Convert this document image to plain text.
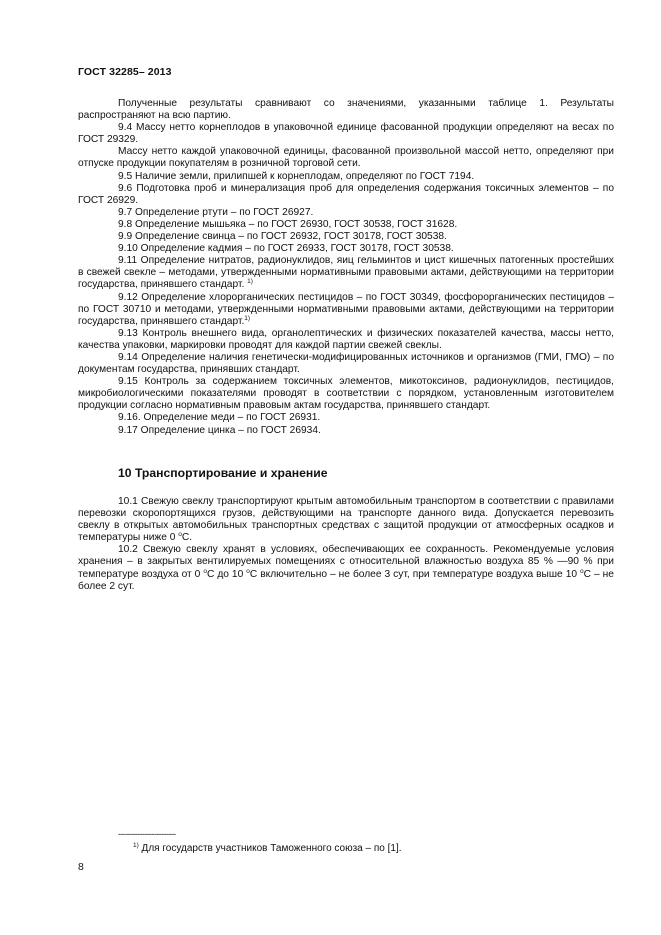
ГОСТ 32285– 2013

Полученные результаты сравнивают со значениями, указанными таблице 1. Результаты распространяют на всю партию.

9.4 Массу нетто корнеплодов в упаковочной единице фасованной продукции определяют на весах по ГОСТ 29329.

Массу нетто каждой упаковочной единицы, фасованной произвольной массой нетто, определяют при отпуске продукции покупателям в розничной торговой сети.

9.5 Наличие земли, прилипшей к корнеплодам, определяют по ГОСТ 7194.

9.6 Подготовка проб и минерализация проб для определения содержания токсичных элементов – по ГОСТ 26929.

9.7 Определение ртути – по ГОСТ 26927.

9.8 Определение мышьяка – по ГОСТ 26930, ГОСТ 30538, ГОСТ 31628.

9.9 Определение свинца – по ГОСТ 26932, ГОСТ 30178, ГОСТ 30538.

9.10 Определение кадмия – по ГОСТ 26933, ГОСТ 30178, ГОСТ 30538.

9.11 Определение нитратов, радионуклидов, яиц гельминтов и цист кишечных патогенных простейших в свежей свекле – методами, утвержденными нормативными правовыми актами, действующими на территории государства, принявшего стандарт. $^{1)}$

9.12 Определение хлорорганических пестицидов – по ГОСТ 30349, фосфорорганических пестицидов – по ГОСТ 30710 и методами, утвержденными нормативными правовыми актами, действующими на территории государства, принявшего стандарт.$^{1)}$

9.13 Контроль внешнего вида, органолептических и физических показателей качества, массы нетто, качества упаковки, маркировки проводят для каждой партии свежей свеклы.

9.14 Определение наличия генетически-модифицированных источников и организмов (ГМИ, ГМО) – по документам государства, принявших стандарт.

9.15 Контроль за содержанием токсичных элементов, микотоксинов, радионуклидов, пестицидов, микробиологическими показателями проводят в соответствии с порядком, установленным изготовителем продукции согласно нормативным правовым актам государства, принявшего стандарт.

9.16. Определение меди – по ГОСТ 26931.

9.17 Определение цинка – по ГОСТ 26934.

10 Транспортирование и хранение

10.1 Свежую свеклу транспортируют крытым автомобильным транспортом в соответствии с правилами перевозки скоропортящихся грузов, действующими на транспорте данного вида. Допускается перевозить свеклу в открытых автомобильных транспортных средствах с защитой продукции от атмосферных осадков и температуры ниже 0 $^о$С.

10.2 Свежую свеклу хранят в условиях, обеспечивающих ее сохранность. Рекомендуемые условия хранения – в закрытых вентилируемых помещениях с относительной влажностью воздуха 85 % —90 % при температуре воздуха от 0 $^о$С до 10 $^о$С включительно – не более 3 сут, при температуре воздуха выше 10 $^о$С – не более 2 сут.

------------------------
$^{1)}$ Для государств участников Таможенного союза – по [1].
8
